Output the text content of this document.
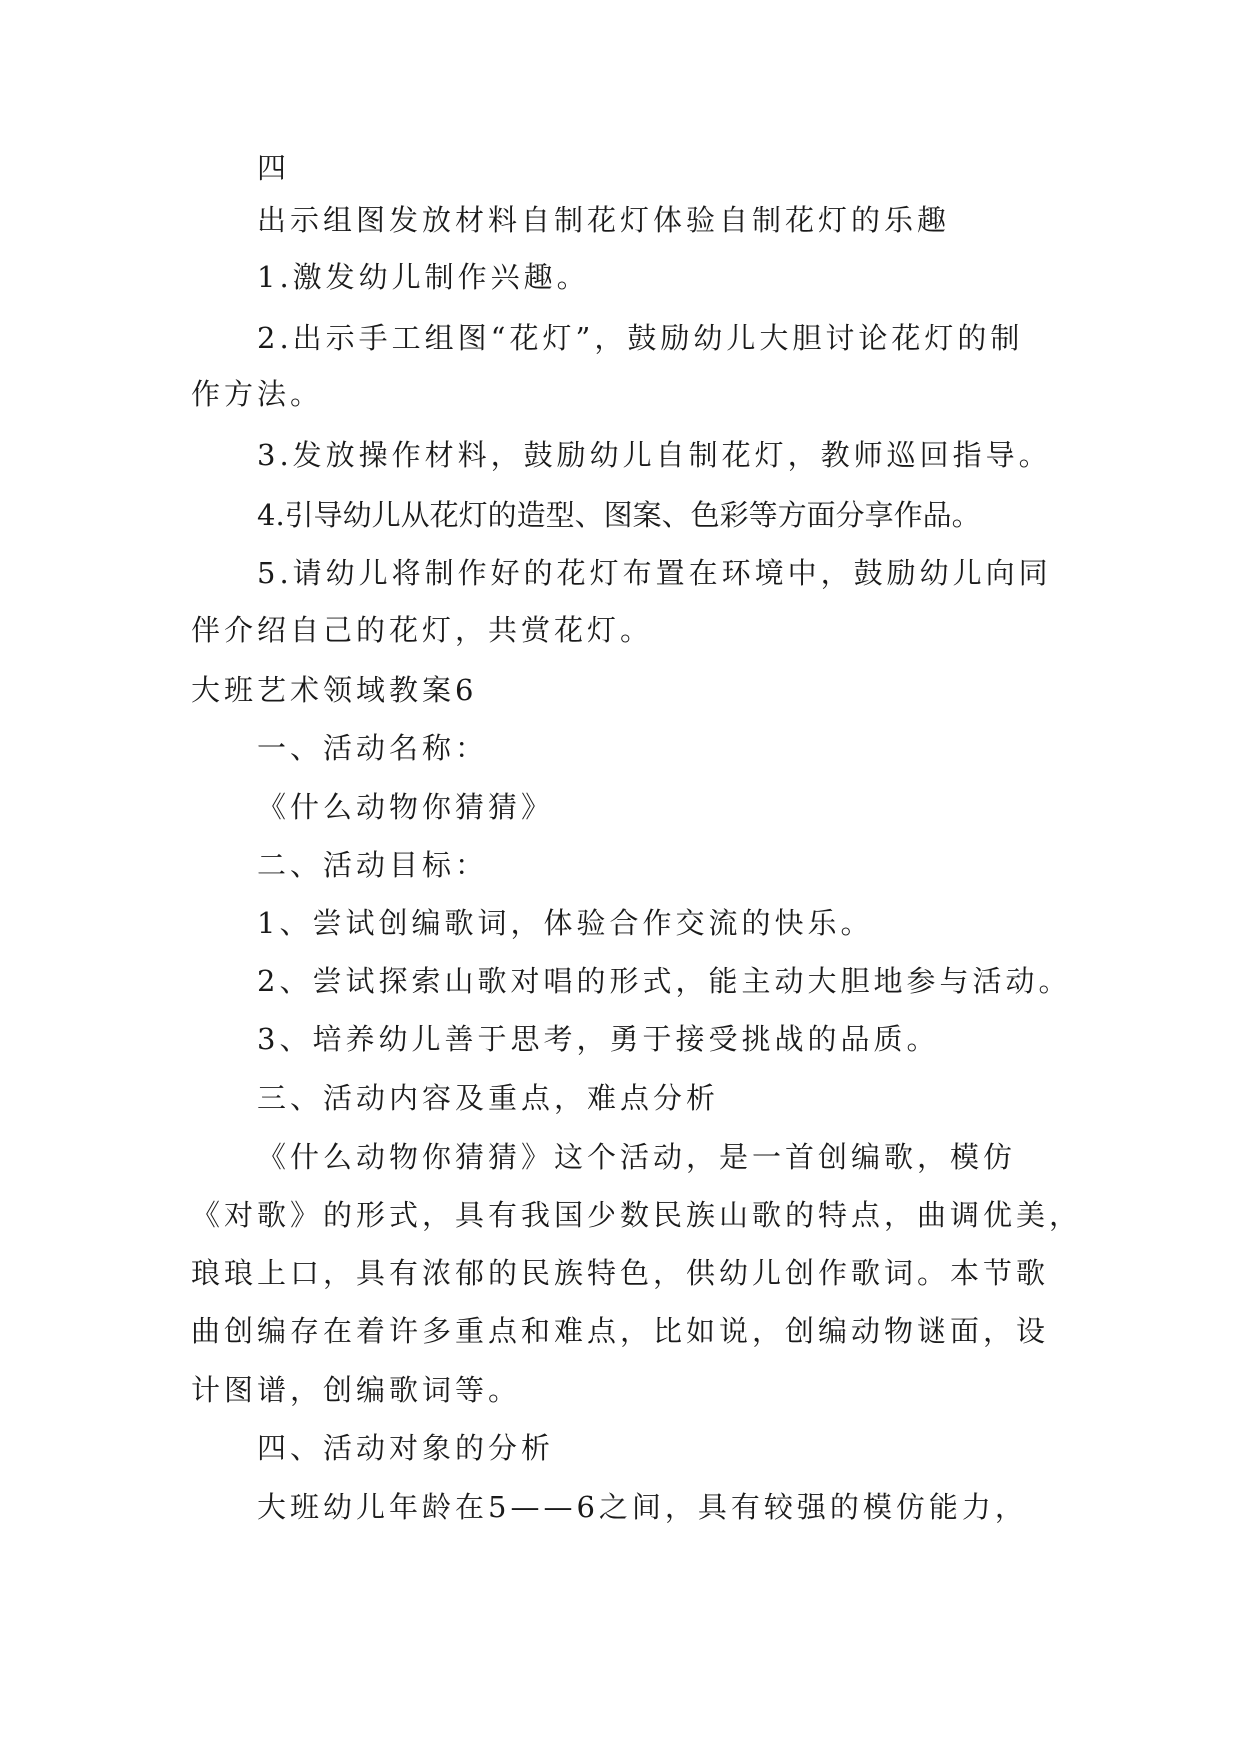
四
出示组图发放材料自制花灯体验自制花灯的乐趣
1.激发幼儿制作兴趣。
2.出示手工组图“花灯”，鼓励幼儿大胆讨论花灯的制
作方法。
3.发放操作材料，鼓励幼儿自制花灯，教师巡回指导。
4.引导幼儿从花灯的造型、图案、色彩等方面分享作品。
5.请幼儿将制作好的花灯布置在环境中，鼓励幼儿向同
伴介绍自己的花灯，共赏花灯。
大班艺术领域教案6
一、活动名称：
《什么动物你猜猜》
二、活动目标：
1、尝试创编歌词，体验合作交流的快乐。
2、尝试探索山歌对唱的形式，能主动大胆地参与活动。
3、培养幼儿善于思考，勇于接受挑战的品质。
三、活动内容及重点，难点分析
《什么动物你猜猜》这个活动，是一首创编歌，模仿
《对歌》的形式，具有我国少数民族山歌的特点，曲调优美，
琅琅上口，具有浓郁的民族特色，供幼儿创作歌词。本节歌
曲创编存在着许多重点和难点，比如说，创编动物谜面，设
计图谱，创编歌词等。
四、活动对象的分析
大班幼儿年龄在5——6之间，具有较强的模仿能力，
